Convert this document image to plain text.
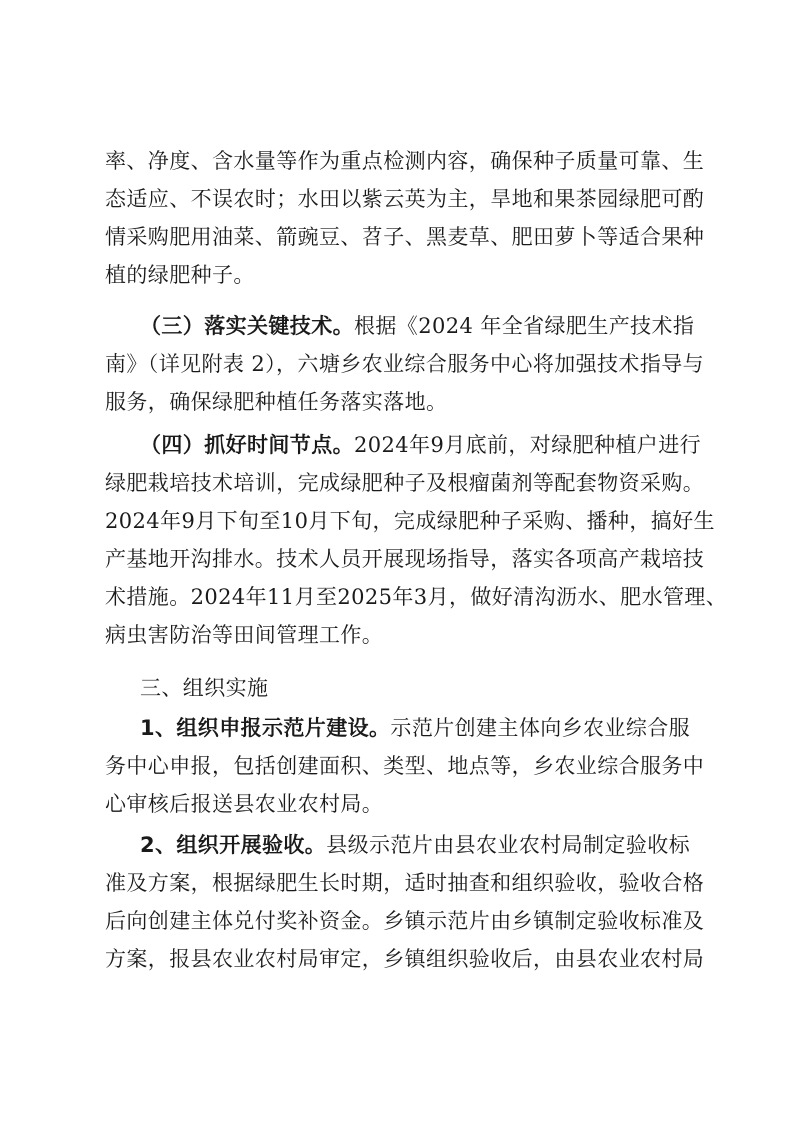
率、净度、含水量等作为重点检测内容，确保种子质量可靠、生
态适应、不误农时；水田以紫云英为主，旱地和果茶园绿肥可酌
情采购肥用油菜、箭豌豆、苕子、黑麦草、肥田萝卜等适合果种
植的绿肥种子。
（三）落实关键技术。根据《2024 年全省绿肥生产技术指
南》（详见附表 2），六塘乡农业综合服务中心将加强技术指导与
服务，确保绿肥种植任务落实落地。
（四）抓好时间节点。2024年9月底前，对绿肥种植户进行
绿肥栽培技术培训，完成绿肥种子及根瘤菌剂等配套物资采购。
2024年9月下旬至10月下旬，完成绿肥种子采购、播种，搞好生
产基地开沟排水。技术人员开展现场指导，落实各项高产栽培技
术措施。2024年11月至2025年3月，做好清沟沥水、肥水管理、
病虫害防治等田间管理工作。
三、组织实施
1、组织申报示范片建设。示范片创建主体向乡农业综合服
务中心申报，包括创建面积、类型、地点等，乡农业综合服务中
心审核后报送县农业农村局。
2、组织开展验收。县级示范片由县农业农村局制定验收标
准及方案，根据绿肥生长时期，适时抽查和组织验收，验收合格
后向创建主体兑付奖补资金。乡镇示范片由乡镇制定验收标准及
方案，报县农业农村局审定，乡镇组织验收后，由县农业农村局
